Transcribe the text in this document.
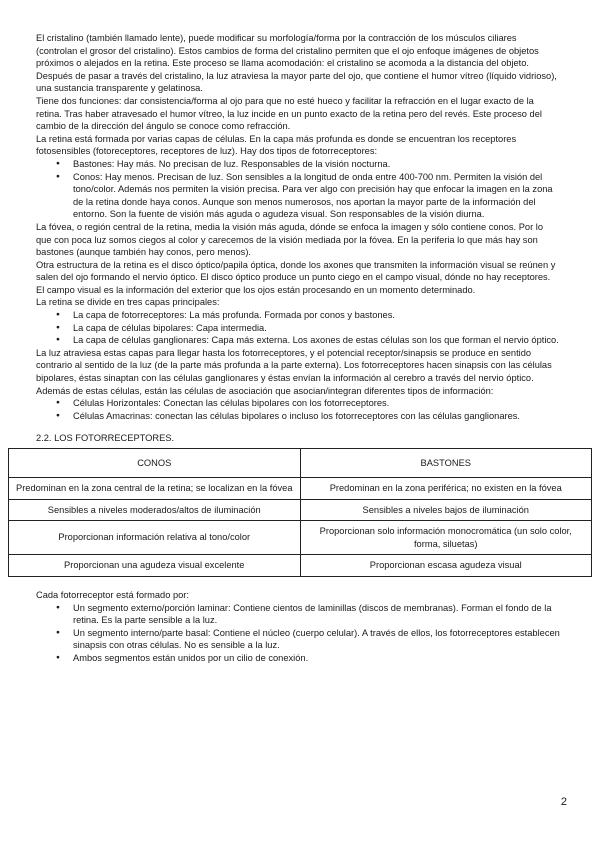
El cristalino (también llamado lente), puede modificar su morfología/forma por la contracción de los músculos ciliares (controlan el grosor del cristalino). Estos cambios de forma del cristalino permiten que el ojo enfoque imágenes de objetos próximos o alejados en la retina. Este proceso se llama acomodación: el cristalino se acomoda a la distancia del objeto.

Después de pasar a través del cristalino, la luz atraviesa la mayor parte del ojo, que contiene el humor vítreo (líquido vidrioso), una sustancia transparente y gelatinosa.

Tiene dos funciones: dar consistencia/forma al ojo para que no esté hueco y facilitar la refracción en el lugar exacto de la retina. Tras haber atravesado el humor vítreo, la luz incide en un punto exacto de la retina pero del revés. Este proceso del cambio de la dirección del ángulo se conoce como refracción.

La retina está formada por varias capas de células. En la capa más profunda es donde se encuentran los receptores fotosensibles (fotoreceptores, receptores de luz). Hay dos tipos de fotorreceptores:

● Bastones: Hay más. No precisan de luz. Responsables de la visión nocturna.
● Conos: Hay menos. Precisan de luz. Son sensibles a la longitud de onda entre 400-700 nm. Permiten la visión del tono/color. Además nos permiten la visión precisa. Para ver algo con precisión hay que enfocar la imagen en la zona de la retina donde haya conos. Aunque son menos numerosos, nos aportan la mayor parte de la información del entorno. Son la fuente de visión más aguda o agudeza visual. Son responsables de la visión diurna.

La fóvea, o región central de la retina, media la visión más aguda, dónde se enfoca la imagen y sólo contiene conos. Por lo que con poca luz somos ciegos al color y carecemos de la visión mediada por la fóvea. En la periferia lo que más hay son bastones (aunque también hay conos, pero menos).

Otra estructura de la retina es el disco óptico/papila óptica, donde los axones que transmiten la información visual se reúnen y salen del ojo formando el nervio óptico. El disco óptico produce un punto ciego en el campo visual, dónde no hay receptores. El campo visual es la información del exterior que los ojos están procesando en un momento determinado.

La retina se divide en tres capas principales:

● La capa de fotorreceptores: La más profunda. Formada por conos y bastones.
● La capa de células bipolares: Capa intermedia.
● La capa de células ganglionares: Capa más externa. Los axones de estas células son los que forman el nervio óptico.

La luz atraviesa estas capas para llegar hasta los fotorreceptores, y el potencial receptor/sinapsis se produce en sentido contrario al sentido de la luz (de la parte más profunda a la parte externa). Los fotorreceptores hacen sinapsis con las células bipolares, éstas sinaptan con las células ganglionares y éstas envían la información al cerebro a través del nervio óptico.

Además de estas células, están las células de asociación que asocian/integran diferentes tipos de información:

● Células Horizontales: Conectan las células bipolares con los fotorreceptores.
● Células Amacrinas: conectan las células bipolares o incluso los fotorreceptores con las células ganglionares.

2.2. LOS FOTORRECEPTORES.

CONOS	BASTONES
Predominan en la zona central de la retina; se localizan en la fóvea	Predominan en la zona periférica; no existen en la fóvea
Sensibles a niveles moderados/altos de iluminación	Sensibles a niveles bajos de iluminación
Proporcionan información relativa al tono/color	Proporcionan solo información monocromática (un solo color, forma, siluetas)
Proporcionan una agudeza visual excelente	Proporcionan escasa agudeza visual

Cada fotorreceptor está formado por:

● Un segmento externo/porción laminar: Contiene cientos de laminillas (discos de membranas). Forman el fondo de la retina. Es la parte sensible a la luz.
● Un segmento interno/parte basal: Contiene el núcleo (cuerpo celular). A través de ellos, los fotorreceptores establecen sinapsis con otras células. No es sensible a la luz.
● Ambos segmentos están unidos por un cilio de conexión.
2
